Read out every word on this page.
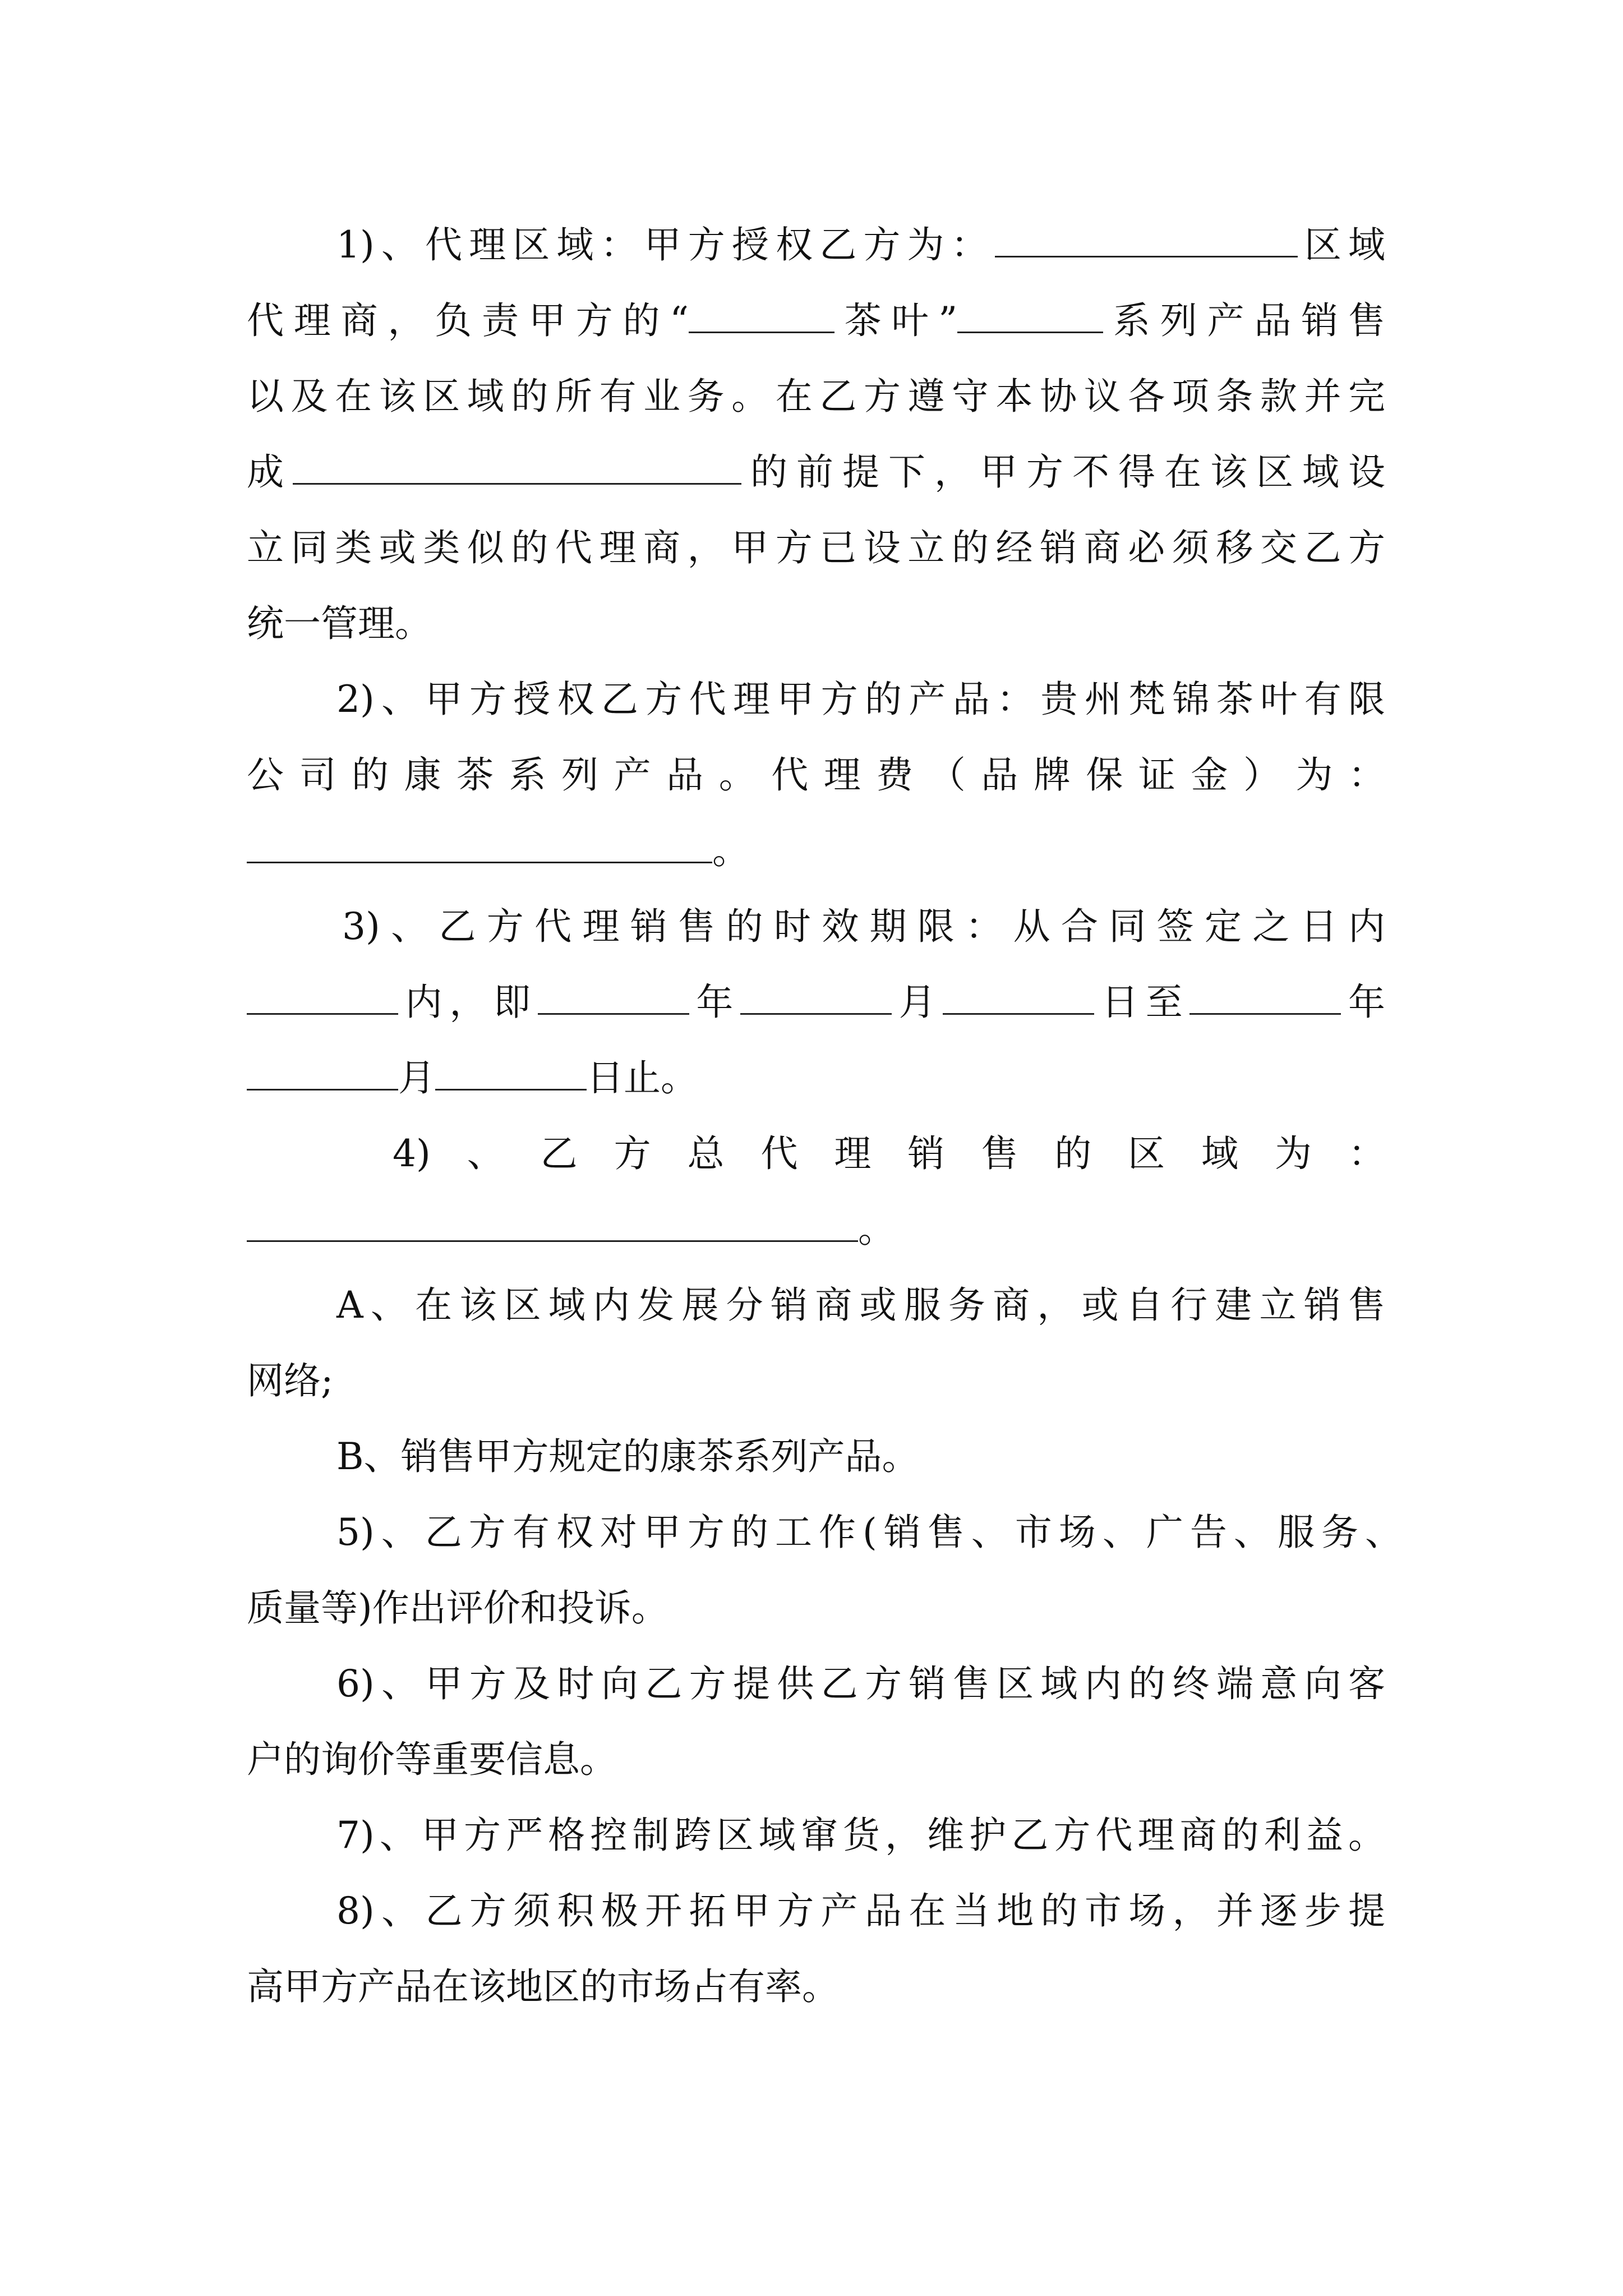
1)、代理区域：甲方授权乙方为：	区域
代理商，负责甲方的“	茶叶”	系列产品销售
以及在该区域的所有业务。在乙方遵守本协议各项条款并完
成	的前提下，甲方不得在该区域设
立同类或类似的代理商，甲方已设立的经销商必须移交乙方
统一管理。
2)、甲方授权乙方代理甲方的产品：贵州梵锦茶叶有限
公司的康茶系列产品。代理费（品牌保证金）为：
。
3)、乙方代理销售的时效期限：从合同签定之日内
内，即	年	月	日至	年
月	日止。
4)、乙方总代理销售的区域为：
。
A、在该区域内发展分销商或服务商，或自行建立销售
网络;
B、销售甲方规定的康茶系列产品。
5)、乙方有权对甲方的工作(销售、市场、广告、服务、
质量等)作出评价和投诉。
6)、甲方及时向乙方提供乙方销售区域内的终端意向客
户的询价等重要信息。
7)、甲方严格控制跨区域窜货，维护乙方代理商的利益。
8)、乙方须积极开拓甲方产品在当地的市场，并逐步提
高甲方产品在该地区的市场占有率。
